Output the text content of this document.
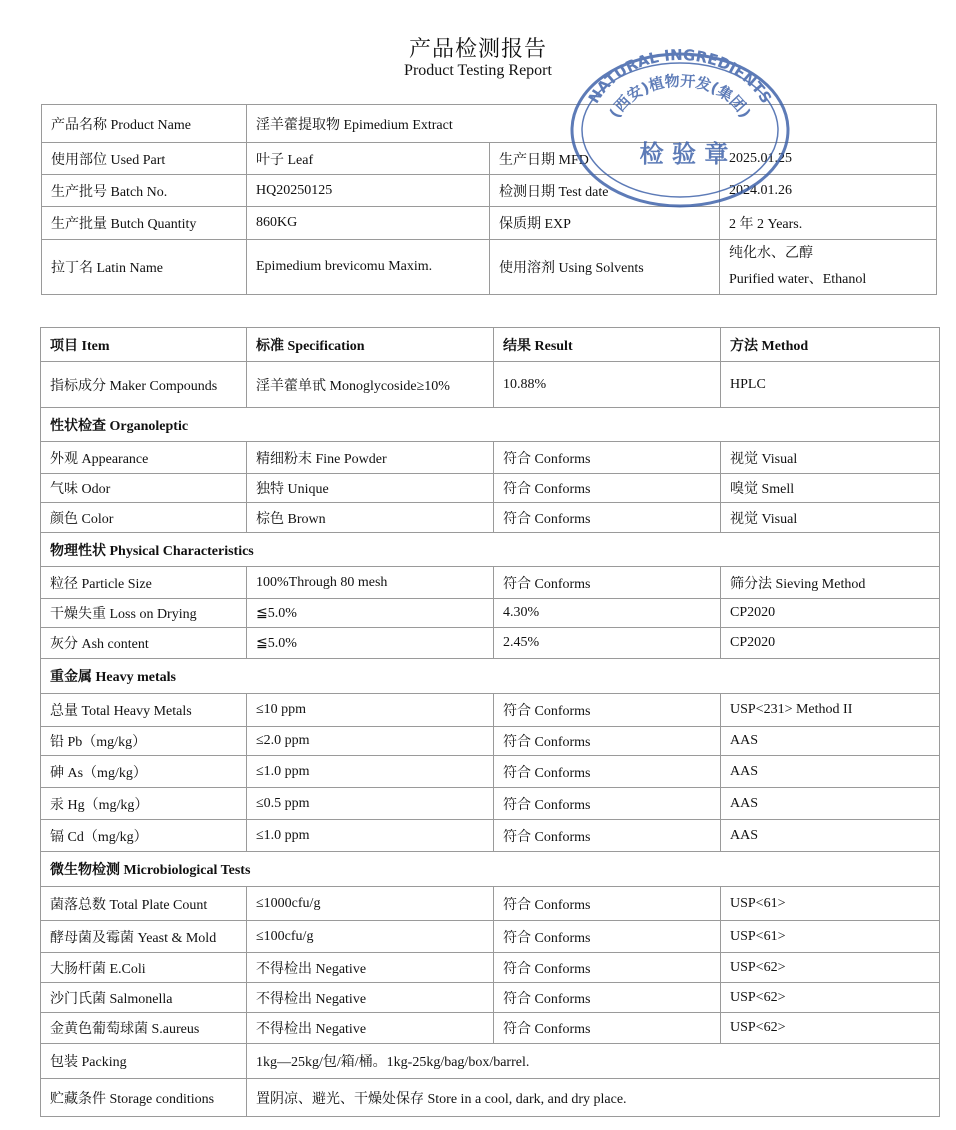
产品检测报告
Product Testing Report
产品名称 Product Name	淫羊藿提取物 Epimedium Extract		
使用部位 Used Part	叶子 Leaf	生产日期 MFD	2025.01.25
生产批号 Batch No.	HQ20250125	检测日期 Test date	2024.01.26
生产批量 Butch Quantity	860KG	保质期 EXP	2 年 2 Years.
拉丁名 Latin Name	Epimedium brevicomu Maxim.	使用溶剂 Using Solvents	纯化水、乙醇
Purified water、Ethanol
项目 Item	标准 Specification	结果 Result	方法 Method
指标成分 Maker Compounds	淫羊藿单甙 Monoglycoside≥10%	10.88%	HPLC
性状检查 Organoleptic			
外观 Appearance	精细粉末 Fine Powder	符合 Conforms	视觉 Visual
气味 Odor	独特 Unique	符合 Conforms	嗅觉 Smell
颜色 Color	棕色 Brown	符合 Conforms	视觉 Visual
物理性状 Physical Characteristics			
粒径 Particle Size	100%Through 80 mesh	符合 Conforms	筛分法 Sieving Method
干燥失重 Loss on Drying	≦5.0%	4.30%	CP2020
灰分 Ash content	≦5.0%	2.45%	CP2020
重金属 Heavy metals			
总量 Total Heavy Metals	≤10 ppm	符合 Conforms	USP<231> Method II
铅 Pb（mg/kg）	≤2.0 ppm	符合 Conforms	AAS
砷 As（mg/kg）	≤1.0 ppm	符合 Conforms	AAS
汞 Hg（mg/kg）	≤0.5 ppm	符合 Conforms	AAS
镉 Cd（mg/kg）	≤1.0 ppm	符合 Conforms	AAS
微生物检测 Microbiological Tests			
菌落总数 Total Plate Count	≤1000cfu/g	符合 Conforms	USP<61>
酵母菌及霉菌 Yeast & Mold	≤100cfu/g	符合 Conforms	USP<61>
大肠杆菌 E.Coli	不得检出 Negative	符合 Conforms	USP<62>
沙门氏菌 Salmonella	不得检出 Negative	符合 Conforms	USP<62>
金黄色葡萄球菌 S.aureus	不得检出 Negative	符合 Conforms	USP<62>
包装 Packing	1kg—25kg/包/箱/桶。1kg-25kg/bag/box/barrel.		
贮藏条件 Storage conditions	置阴凉、避光、干燥处保存 Store in a cool, dark, and dry place.		
NATURAL INGREDIENTS
(西安)植物开发(集团)
检 验 章
